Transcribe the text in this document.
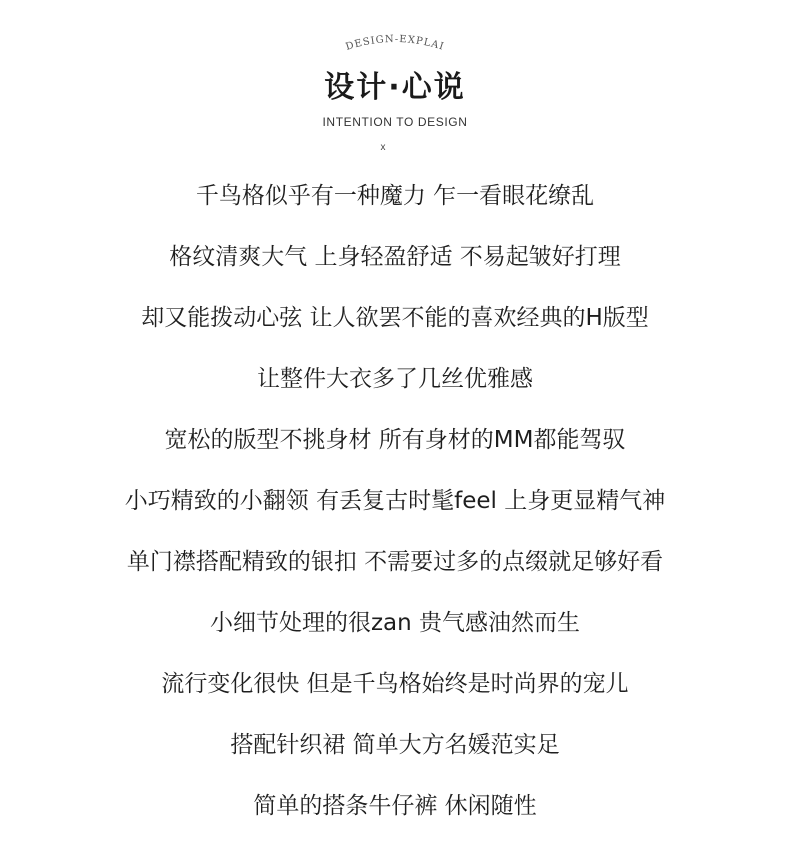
DESIGN-EXPLAI
设计·心说
INTENTION TO DESIGN
x
千鸟格似乎有一种魔力 乍一看眼花缭乱
格纹清爽大气 上身轻盈舒适 不易起皱好打理
却又能拨动心弦 让人欲罢不能的喜欢经典的H版型
让整件大衣多了几丝优雅感
宽松的版型不挑身材 所有身材的MM都能驾驭
小巧精致的小翻领 有丢复古时髦feel 上身更显精气神
单门襟搭配精致的银扣 不需要过多的点缀就足够好看
小细节处理的很zan 贵气感油然而生
流行变化很快 但是千鸟格始终是时尚界的宠儿
搭配针织裙 简单大方名媛范实足
简单的搭条牛仔裤 休闲随性
